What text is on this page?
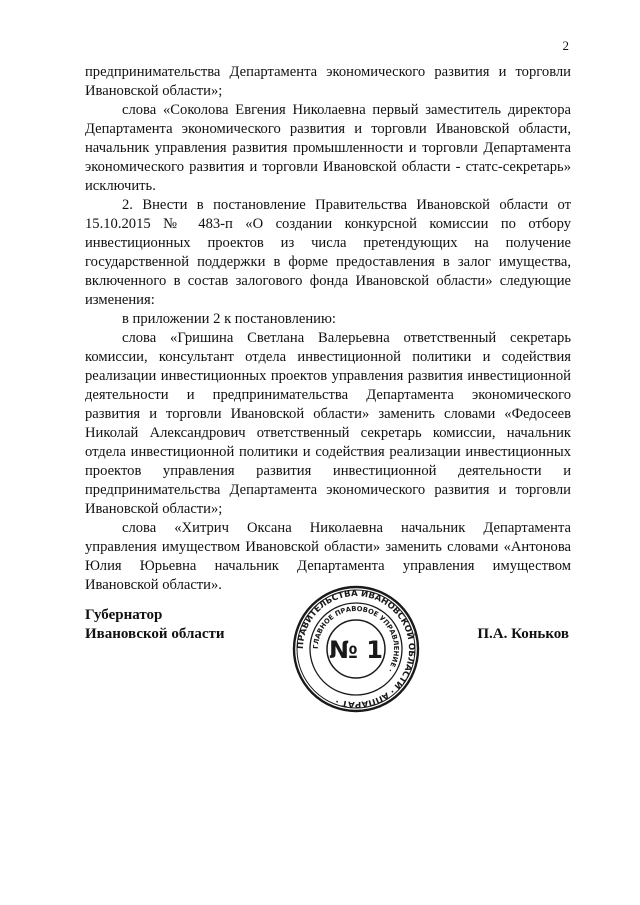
2

предпринимательства Департамента экономического развития и торговли Ивановской области»;

слова «Соколова Евгения Николаевна первый заместитель директора Департамента экономического развития и торговли Ивановской области, начальник управления развития промышленности и торговли Департамента экономического развития и торговли Ивановской области - статс-секретарь» исключить.

2. Внести в постановление Правительства Ивановской области от 15.10.2015 № 483-п «О создании конкурсной комиссии по отбору инвестиционных проектов из числа претендующих на получение государственной поддержки в форме предоставления в залог имущества, включенного в состав залогового фонда Ивановской области» следующие изменения:

в приложении 2 к постановлению:

слова «Гришина Светлана Валерьевна ответственный секретарь комиссии, консультант отдела инвестиционной политики и содействия реализации инвестиционных проектов управления развития инвестиционной деятельности и предпринимательства Департамента экономического развития и торговли Ивановской области» заменить словами «Федосеев Николай Александрович ответственный секретарь комиссии, начальник отдела инвестиционной политики и содействия реализации инвестиционных проектов управления развития инвестиционной деятельности и предпринимательства Департамента экономического развития и торговли Ивановской области»;

слова «Хитрич Оксана Николаевна начальник Департамента управления имуществом Ивановской области» заменить словами «Антонова Юлия Юрьевна начальник Департамента управления имуществом Ивановской области».

Губернатор
Ивановской области	П.А. Коньков
ПРАВИТЕЛЬСТВА ИВАНОВСКОЙ ОБЛАСТИ · АППАРАТ ·
ГЛАВНОЕ ПРАВОВОЕ УПРАВЛЕНИЕ ·
№ 1
